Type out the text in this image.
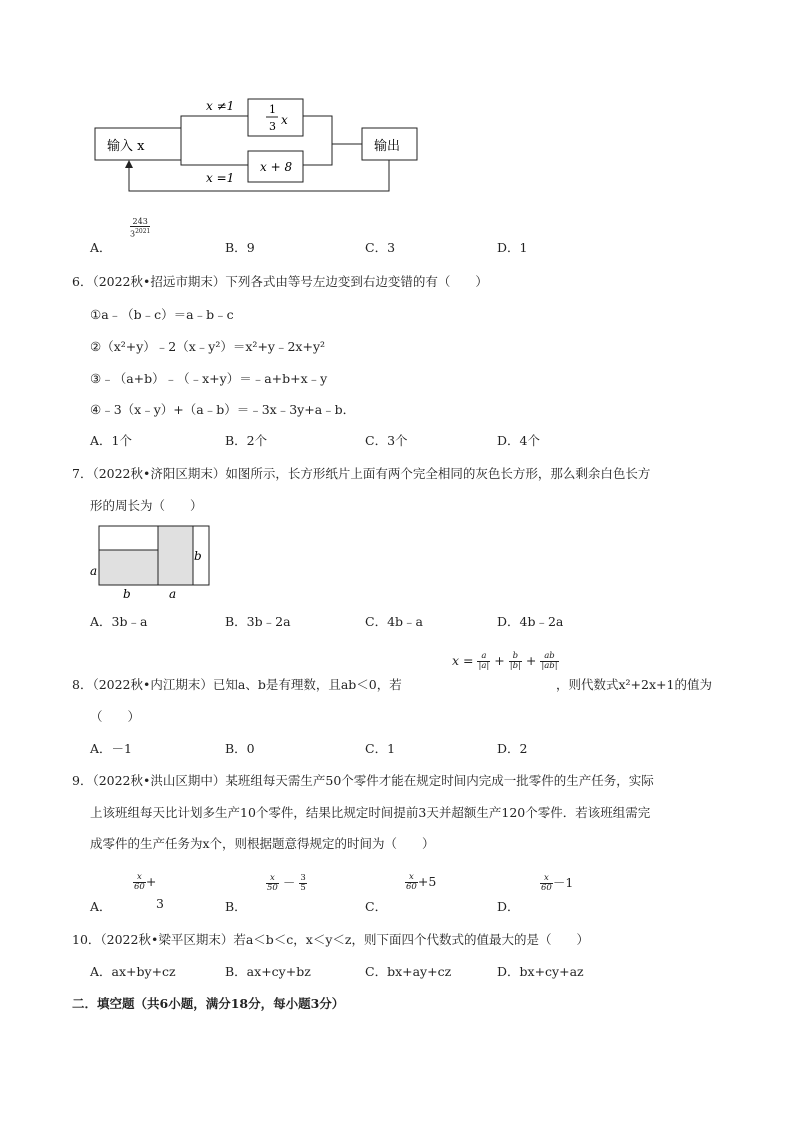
输入 x
x ≠1	1
3 x
x + 8
x =1
输出
A．
243
$3^{2021}$
B．9	C．3	D．1
6．（2022秋•招远市期末）下列各式由等号左边变到右边变错的有（　　）
①a﹣（b﹣c）＝a﹣b﹣c
②（x²+y）﹣2（x﹣y²）＝x²+y﹣2x+y²
③﹣（a+b）﹣（﹣x+y）＝﹣a+b+x﹣y
④﹣3（x﹣y）+（a﹣b）＝﹣3x﹣3y+a﹣b．
A．1个	B．2个	C．3个	D．4个
7．（2022秋•济阳区期末）如图所示，长方形纸片上面有两个完全相同的灰色长方形，那么剩余白色长方
形的周长为（　　）
a
b
b	a
A．3b﹣a	B．3b﹣2a	C．4b﹣a	D．4b﹣2a
8．（2022秋•内江期末）已知a、b是有理数，且ab＜0，若
$x = \frac{a}{|a|} + \frac{b}{|b|} + \frac{ab}{|ab|}$
，则代数式x²+2x+1的值为
（　　）
A．－1	B．0	C．1	D．2
9．（2022秋•洪山区期中）某班组每天需生产50个零件才能在规定时间内完成一批零件的生产任务，实际
上该班组每天比计划多生产10个零件，结果比规定时间提前3天并超额生产120个零件．若该班组需完
成零件的生产任务为x个，则根据题意得规定的时间为（　　）
A．
$\frac{x}{60}$ +
3	B．
$\frac{x}{50} - \frac{3}{5}$
C．
$\frac{x}{60} +5$
D．
$\frac{x}{60} -1$
10．（2022秋•梁平区期末）若a＜b＜c，x＜y＜z，则下面四个代数式的值最大的是（　　）
A．ax+by+cz	B．ax+cy+bz	C．bx+ay+cz	D．bx+cy+az
二．填空题（共6小题，满分18分，每小题3分）
